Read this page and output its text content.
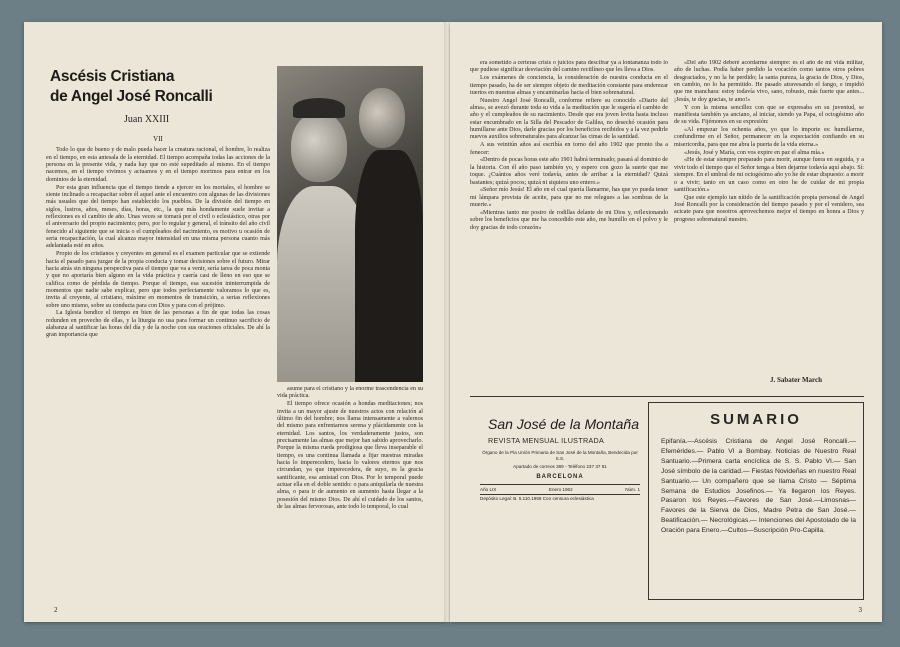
Ascésis Cristiana
de Angel José Roncalli
Juan XXIII
VII

Todo lo que de bueno y de malo pueda hacer la creatura racional, el hombre, lo realiza en el tiempo, en esta antesala de la eternidad. El tiempo acompaña todas las acciones de la persona en la presente vida, y nada hay que no esté supeditado al mismo. En el tiempo nacemos, en el tiempo vivimos y actuamos y en el tiempo morimos para entrar en los dominios de la eternidad.

Por esta gran influencia que el tiempo tiende a ejercer en los mortales, el hombre se siente inclinado a recapacitar sobre él aquel ante el encuentro con algunas de las divisiones más usuales que del tiempo han establecido los pueblos. De la división del tiempo en siglos, lustros, años, meses, días, horas, etc., la que más hondamente suele invitar a reflexiones es el cambio de año. Unas veces se tomará por el civil o eclesiástico, otras por el aniversario del propio nacimiento; pero, por lo regular y general, el tránsito del año civil fenecido al siguiente que se inicia o el cumpleaños del nacimiento, es motivo u ocasión de seria recapacitación, la cual alcanza mayor intensidad en una misma persona cuanto más adelantada esté en años.

Propio de los cristianos y creyentes en general es el examen particular que se extiende hacia el pasado para juzgar de la propia conducta y tomar decisiones sobre el futuro. Mirar hacia atrás sin ninguna perspectiva para el tiempo que va a venir, sería tarea de poca monta y que no aportaría bien alguno en la vida práctica y caería casi de lleno en eso que se califica como de pérdida de tiempo. Porque el tiempo, esa sucesión ininterrumpida de momentos que nadie sabe explicar, pero que todos perfectamente valoramos lo que es, invita al creyente, al cristiano, máxime en momentos de transición, a serias reflexiones sobre uno mismo, sobre su conducta para con Dios y para con el prójimo.

La Iglesia bendice el tiempo en bien de las personas a fin de que todas las cosas redunden en provecho de ellas, y la liturgia no usa para formar un continuo sacrificio de alabanza al santificar las horas del día y de la noche con sus oraciones oficiales. De ahí la gran importancia que

asume para el cristiano y la enorme trascendencia en su vida práctica.

El tiempo ofrece ocasión a hondas meditaciones; nos invita a un mayor ajuste de nuestros actos con relación al último fin del hombre; nos llama intensamente a valernos del mismo para enfrentarnos serena y plácidamente con la eternidad. Los santos, los verdaderamente justos, son precisamente las almas que mejor han sabido aprovecharlo. Porque la misma rueda prodigiosa que lleva inseparable el tiempo, es una continua llamada a fijar nuestras miradas hacia lo imperecedero, hacia lo valores eternos que nos circundan, ya que imperecedera, de suyo, es la gracia santificante, esa amistad con Dios. Por lo temporal puede actuar ella en el doble sentido: o para aniquilarla de nuestra alma, o para ir de aumento en aumento hasta llegar a la posesión del mismo Dios. De ahí el cuidado de los santos, de las almas fervorosas, ante todo lo temporal, lo cual

2

era sometido a certeras crisis o juicios para descifrar ya a lontananza todo lo que pudiese significar desviación del camino rectilíneo que les lleva a Dios.

Los exámenes de conciencia, la consideración de nuestra conducta en el tiempo pasado, ha de ser siempre objeto de meditación constante para enderezar tuertos en nuestras almas y encaminarlas hacia el bien sobrenatural.

Nuestro Angel José Roncalli, conforme refiere su conocido «Diario del alma», se avezó durante toda su vida a la meditación que le sugería el cambio de año y el cumpleaños de su nacimiento. Desde que era joven levita hasta incluso estar encumbrado en la Silla del Pescador de Galilea, no desechó ocasión para humillarse ante Dios, darle gracias por los beneficios recibidos y a la vez pedirle nuevos auxilios sobrenaturales para alcanzar las cimas de la santidad.

A sus veintiún años así escribía en torno del año 1902 que pronto iba a fenecer:

«Dentro de pocas horas este año 1901 habrá terminado; pasará al dominio de la historia. Con él año paso también yo, y espero con gozo la suerte que me toque. ¿Cuántos años veré todavía, antes de arribar a la eternidad? Quizá bastantes; quizá pocos; quizá ni siquiera uno entero.»

«Señor mío Jesús! El año en el cual quería llamarme, has que yo pueda tener mi lámpara provista de aceite, para que no me relegues a las sombras de la muerte.»

«Mientras tanto me postro de rodillas delante de mi Dios y, reflexionando sobre los beneficios que me ha concedido este año, me humillo en el polvo y le doy gracias de todo corazón»

«Del año 1902 deberé acordarme siempre: es el año de mi vida militar, año de luchas. Podía haber perdido la vocación como tantos otros pobres desgraciados, y no la he perdido; la santa pureza, la gracia de Dios, y Dios, en cambio, no lo ha permitido. He pasado atravesando el fango, e impidió que me manchara: estoy todavía vivo, sano, robusto, más fuerte que antes... ¡Jesús, te doy gracias, te amo!»

Y con la misma sencillez con que se expresaba en su juventud, se manifiesta también ya anciano, al iniciar, siendo ya Papa, el octogésimo año de su vida. Fijémonos en su expresión:

«Al empezar los ochenta años, yo que lo importe es: humillarme, confundirme en el Señor, permanecer en la expectación confiando en su misericordia, para que me abra la puerta de la vida eterna.»

«Jesús, José y María, con vos expire en paz el alma mía.»

«He de estar siempre preparado para morir, aunque fuera en seguida, y a vivir todo el tiempo que el Señor tenga a bien dejarme todavía aquí abajo. Sí: siempre. En el umbral de mi octogésimo año yo he de estar dispuesto: a morir o a vivir; tanto en un caso como en otro he de cuidar de mi propia santificación.»

Que este ejemplo tan nítido de la santificación propia personal de Angel José Roncalli por la consideración del tiempo pasado y por el venidero, sea acicate para que nosotros aprovechemos mejor el tiempo en honra a Dios y progreso sobrenatural nuestro.

J. Sabater March
San José de la Montaña
REVISTA MENSUAL ILUSTRADA
Órgano de la Pía Unión Primaria de San José de la Montaña, Bendecida por S.S.
Apartado de correos 369 - Teléfono 237 37 81
BARCELONA
Año LIX	Enero 1962	Núm. 1
Depósito Legal: B. 5.110.1959 Con censura eclesiástica
SUMARIO
Epifanía.—Ascésis Cristiana de Angel José Roncalli.—Efemérides.— Pablo VI a Bombay. Noticias de Nuestro Real Santuario.—Primera carta encíclica de S. S. Pablo VI.— San José símbolo de la caridad.— Fiestas Novideñas en nuestro Real Santuario.— Un compañero que se llama Cristo — Séptima Semana de Estudios Josefinos.— Ya llegaron los Reyes. Pasaron los Reyes.—Favores de San José.—Limosnas—Favores de la Sierva de Dios, Madre Petra de San José.— Beatificación.— Necrológicas.— Intenciones del Apostolado de la Oración para Enero.—Cultos—Suscripción Pro-Capilla.
3
